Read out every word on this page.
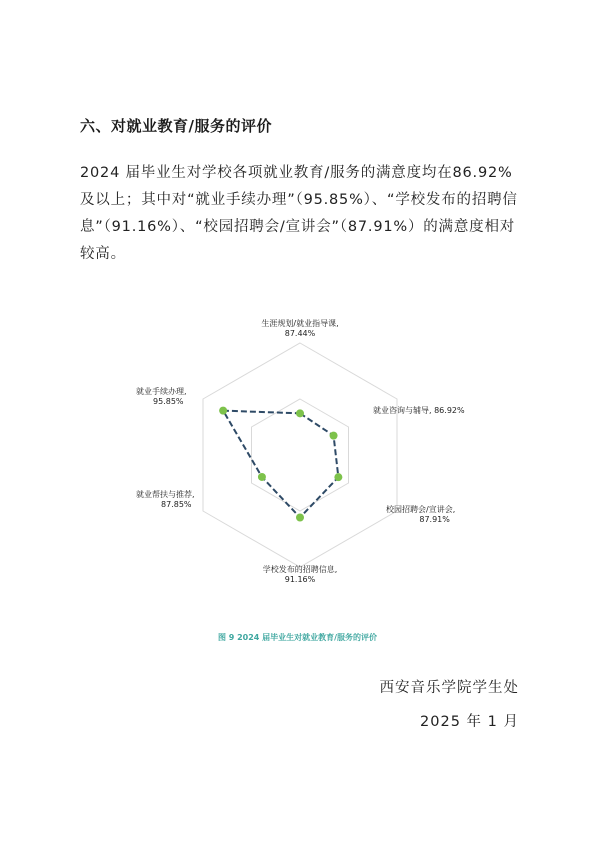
六、对就业教育/服务的评价

2024 届毕业生对学校各项就业教育/服务的满意度均在86.92%及以上；其中对“就业手续办理”（95.85%）、“学校发布的招聘信息”（91.16%）、“校园招聘会/宣讲会”（87.91%）的满意度相对较高。

生涯规划/就业指导课,
87.44%
就业咨询与辅导, 86.92%
校园招聘会/宣讲会,
87.91%
学校发布的招聘信息,
91.16%
就业帮扶与推荐,
87.85%
就业手续办理,
95.85%
图 9 2024 届毕业生对就业教育/服务的评价
西安音乐学院学生处
2025 年 1 月
